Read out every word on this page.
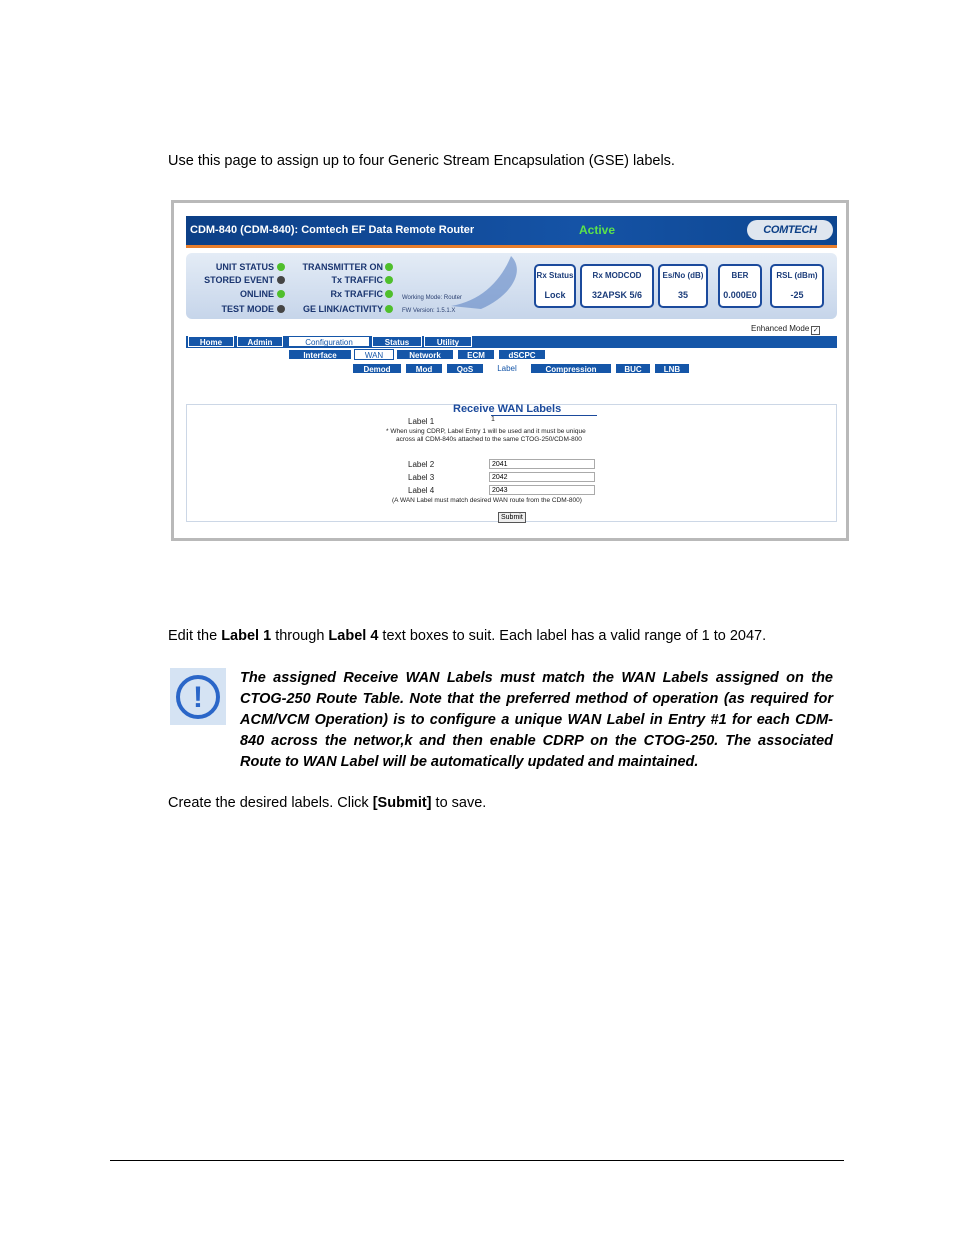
Use this page to assign up to four Generic Stream Encapsulation (GSE) labels.
CDM-840 (CDM-840): Comtech EF Data Remote Router	Active	COMTECH
UNIT STATUS
STORED EVENT
ONLINE
TEST MODE
TRANSMITTER ON
Tx TRAFFIC
Rx TRAFFIC
GE LINK/ACTIVITY
Working Mode: Router
FW Version: 1.5.1.X
Rx Status
Lock
Rx MODCOD
32APSK 5/6
Es/No (dB)
35
BER
0.000E0
RSL (dBm)
-25
Enhanced Mode ✓
Home	Admin	Configuration	Status	Utility
Interface	WAN	Network	ECM	dSCPC
Demod	Mod	QoS	Label	Compression	BUC	LNB
Receive WAN Labels
Label 1	1
* When using CDRP, Label Entry 1 will be used and it must be unique
across all CDM-840s attached to the same CTOG-250/CDM-800
Label 2	2041
Label 3	2042
Label 4	2043
(A WAN Label must match desired WAN route from the CDM-800)
Submit
Edit the Label 1 through Label 4 text boxes to suit. Each label has a valid range of 1 to 2047.
!
The assigned Receive WAN Labels must match the WAN Labels assigned on the CTOG-250 Route Table. Note that the preferred method of operation (as required for ACM/VCM Operation) is to configure a unique WAN Label in Entry #1 for each CDM-840 across the networ,k and then enable CDRP on the CTOG-250. The associated Route to WAN Label will be automatically updated and maintained.
Create the desired labels. Click [Submit] to save.
